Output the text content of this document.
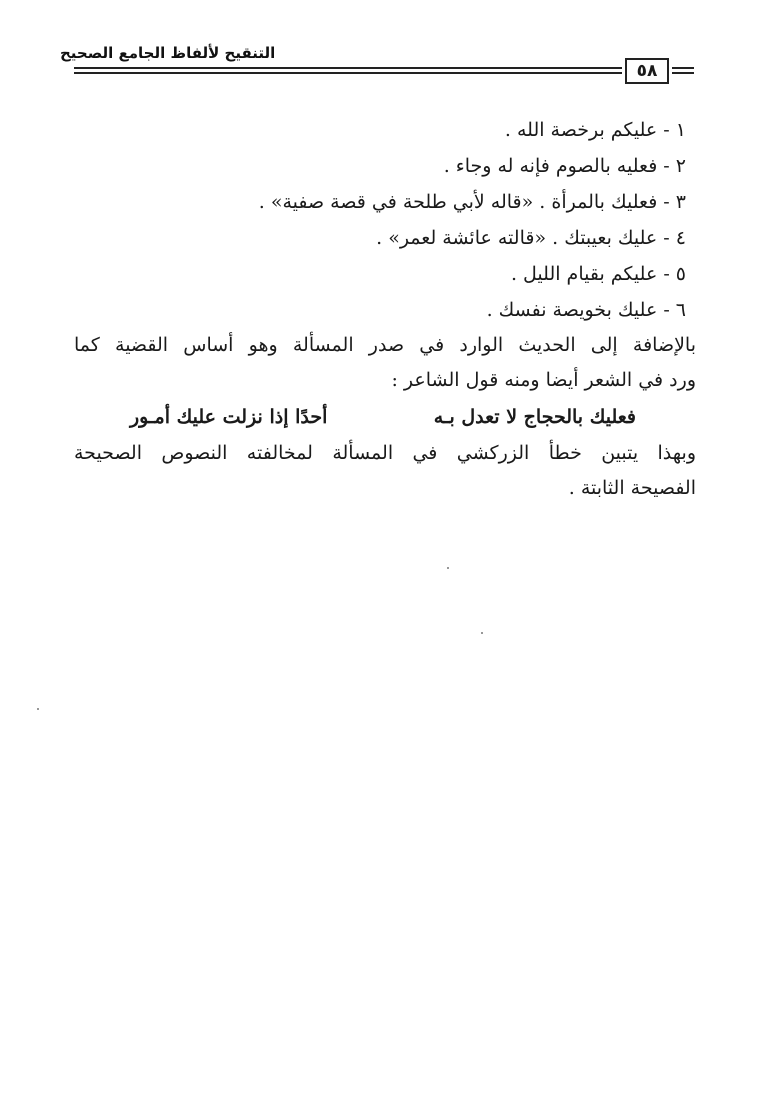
التنقيح لألفاظ الجامع الصحيح
٥٨
١ - عليكم برخصة الله .
٢ - فعليه بالصوم فإنه له وجاء .
٣ - فعليك بالمرأة . «قاله لأبي طلحة في قصة صفية» .
٤ - عليك بعيبتك . «قالته عائشة لعمر» .
٥ - عليكم بقيام الليل .
٦ - عليك بخويصة نفسك .
بالإضافة إلى الحديث الوارد في صدر المسألة وهو أساس القضية كما
ورد في الشعر أيضا ومنه قول الشاعر :
فعليك بالحجاج لا تعدل بـه
أحدًا إذا نزلت عليك أمـور
وبهذا يتبين خطأ الزركشي في المسألة لمخالفته النصوص الصحيحة
الفصيحة الثابتة .
